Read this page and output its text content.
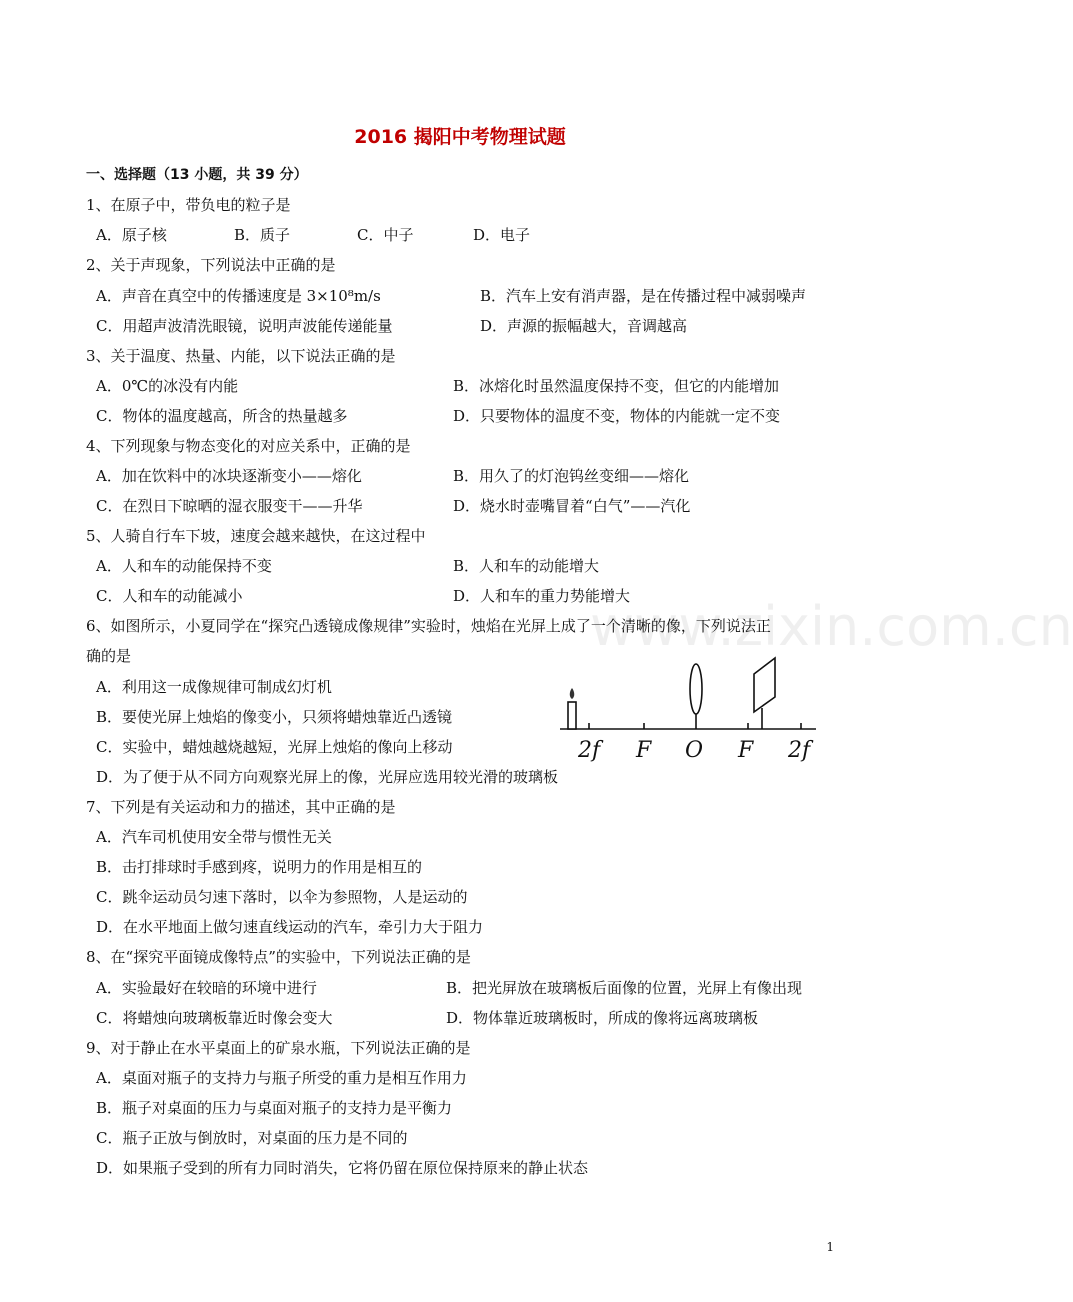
2016 揭阳中考物理试题
一、选择题（13 小题，共 39 分）
1、在原子中，带负电的粒子是
A．原子核	B．质子	C．中子	D．电子
2、关于声现象，下列说法中正确的是
A．声音在真空中的传播速度是 3×10⁸m/s	B．汽车上安有消声器，是在传播过程中减弱噪声
C．用超声波清洗眼镜，说明声波能传递能量	D．声源的振幅越大，音调越高
3、关于温度、热量、内能，以下说法正确的是
A．0℃的冰没有内能	B．冰熔化时虽然温度保持不变，但它的内能增加
C．物体的温度越高，所含的热量越多	D．只要物体的温度不变，物体的内能就一定不变
4、下列现象与物态变化的对应关系中，正确的是
A．加在饮料中的冰块逐渐变小——熔化	B．用久了的灯泡钨丝变细——熔化
C．在烈日下晾晒的湿衣服变干——升华	D．烧水时壶嘴冒着“白气”——汽化
5、人骑自行车下坡，速度会越来越快，在这过程中
A．人和车的动能保持不变	B．人和车的动能增大
C．人和车的动能减小	D．人和车的重力势能增大
www.zixin.com.cn
6、如图所示，小夏同学在“探究凸透镜成像规律”实验时，烛焰在光屏上成了一个清晰的像，下列说法正
确的是
A．利用这一成像规律可制成幻灯机
B．要使光屏上烛焰的像变小，只须将蜡烛靠近凸透镜
C．实验中，蜡烛越烧越短，光屏上烛焰的像向上移动
D．为了便于从不同方向观察光屏上的像，光屏应选用较光滑的玻璃板
2f F O F 2f
7、下列是有关运动和力的描述，其中正确的是
A．汽车司机使用安全带与惯性无关
B．击打排球时手感到疼，说明力的作用是相互的
C．跳伞运动员匀速下落时，以伞为参照物，人是运动的
D．在水平地面上做匀速直线运动的汽车，牵引力大于阻力
8、在“探究平面镜成像特点”的实验中，下列说法正确的是
A．实验最好在较暗的环境中进行	B．把光屏放在玻璃板后面像的位置，光屏上有像出现
C．将蜡烛向玻璃板靠近时像会变大	D．物体靠近玻璃板时，所成的像将远离玻璃板
9、对于静止在水平桌面上的矿泉水瓶，下列说法正确的是
A．桌面对瓶子的支持力与瓶子所受的重力是相互作用力
B．瓶子对桌面的压力与桌面对瓶子的支持力是平衡力
C．瓶子正放与倒放时，对桌面的压力是不同的
D．如果瓶子受到的所有力同时消失，它将仍留在原位保持原来的静止状态
1
